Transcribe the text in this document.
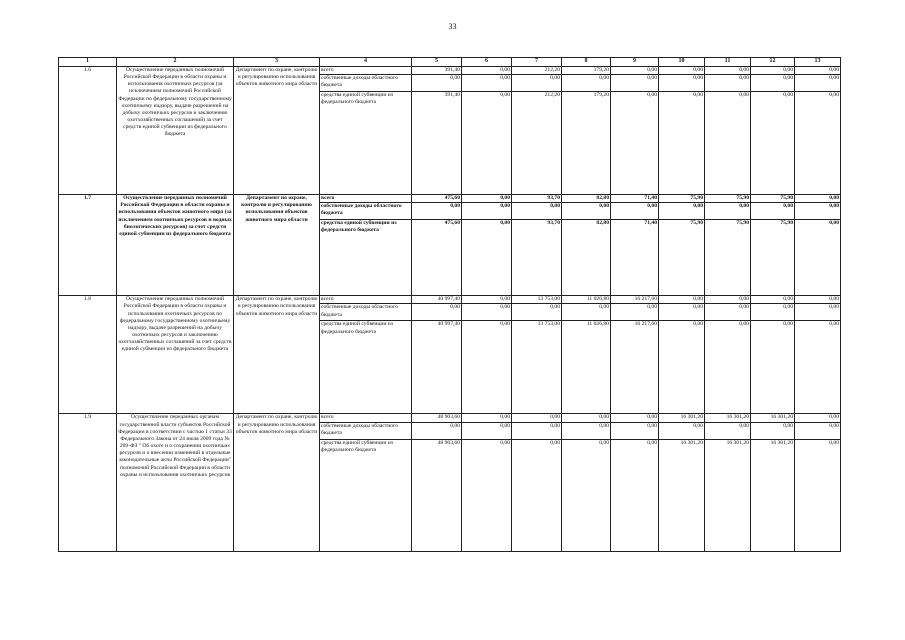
33
1	2	3	4	5	6	7	8	9	10	11	12	13
1.6	Осуществление переданных полномочий Российской Федерации в области охраны и использования охотничьих ресурсов (за исключением полномочий Российской Федерации по федеральному государственному охотничьему надзору, выдаче разрешений на добычу охотничьих ресурсов и заключению охотхозяйственных соглашений) за счет средств единой субвенции из федерального бюджета	Департамент по охране, контролю и регулированию использования объектов животного мира области	всего	391,40	0,00	212,20	179,20	0,00	0,00	0,00	0,00	0,00
			собственные доходы областного бюджета	0,00	0,00	0,00	0,00	0,00	0,00	0,00	0,00	0,00
			средства единой субвенции из федерального бюджета	391,40	0,00	212,20	179,20	0,00	0,00	0,00	0,00	0,00
1.7	Осуществление переданных полномочий Российской Федерации в области охраны и использования объектов животного мира (за исключением охотничьих ресурсов и водных биологических ресурсов) за счет средств единой субвенции из федерального бюджета	Департамент по охране, контролю и регулированию использования объектов животного мира области	всего	475,60	0,00	93,70	82,80	71,40	75,90	75,90	75,90	0,00
			собственные доходы областного бюджета	0,00	0,00	0,00	0,00	0,00	0,00	0,00	0,00	0,00
			средства единой субвенции из федерального бюджета	475,60	0,00	93,70	82,80	71,40	75,90	75,90	75,90	0,00
1.8	Осуществление переданных полномочий Российской Федерации в области охраны и использования охотничьих ресурсов по федеральному государственному охотничьему надзору, выдаче разрешений на добычу охотничьих ресурсов и заключению охотхозяйственных соглашений за счет средств единой субвенции из федерального бюджета	Департамент по охране, контролю и регулированию использования объектов животного мира области	всего	40 997,40	0,00	13 753,00	11 026,80	16 217,60	0,00	0,00	0,00	0,00
			собственные доходы областного бюджета	0,00	0,00	0,00	0,00	0,00	0,00	0,00	0,00	0,00
			средства единой субвенции из федерального бюджета	40 997,40	0,00	13 753,00	11 026,80	16 217,60	0,00	0,00	0,00	0,00
1.9	Осуществление переданных органам государственной власти субъектов Российской Федерации в соответствии с частью 1 статьи 33 Федерального Закона от 24 июля 2009 года № 209-ФЗ " Об охоте и о сохранении охотничьих ресурсов и о внесении изменений в отдельные законодательные акты Российской Федерации" полномочий Российской Федерации в области охраны и использования охотничьих ресурсов	Департамент по охране, контролю и регулированию использования объектов животного мира области	всего	48 903,60	0,00	0,00	0,00	0,00	16 301,20	16 301,20	16 301,20	0,00
			собственные доходы областного бюджета	0,00	0,00	0,00	0,00	0,00	0,00	0,00	0,00	0,00
			средства единой субвенции из федерального бюджета	48 903,60	0,00	0,00	0,00	0,00	16 301,20	16 301,20	16 301,20	0,00
